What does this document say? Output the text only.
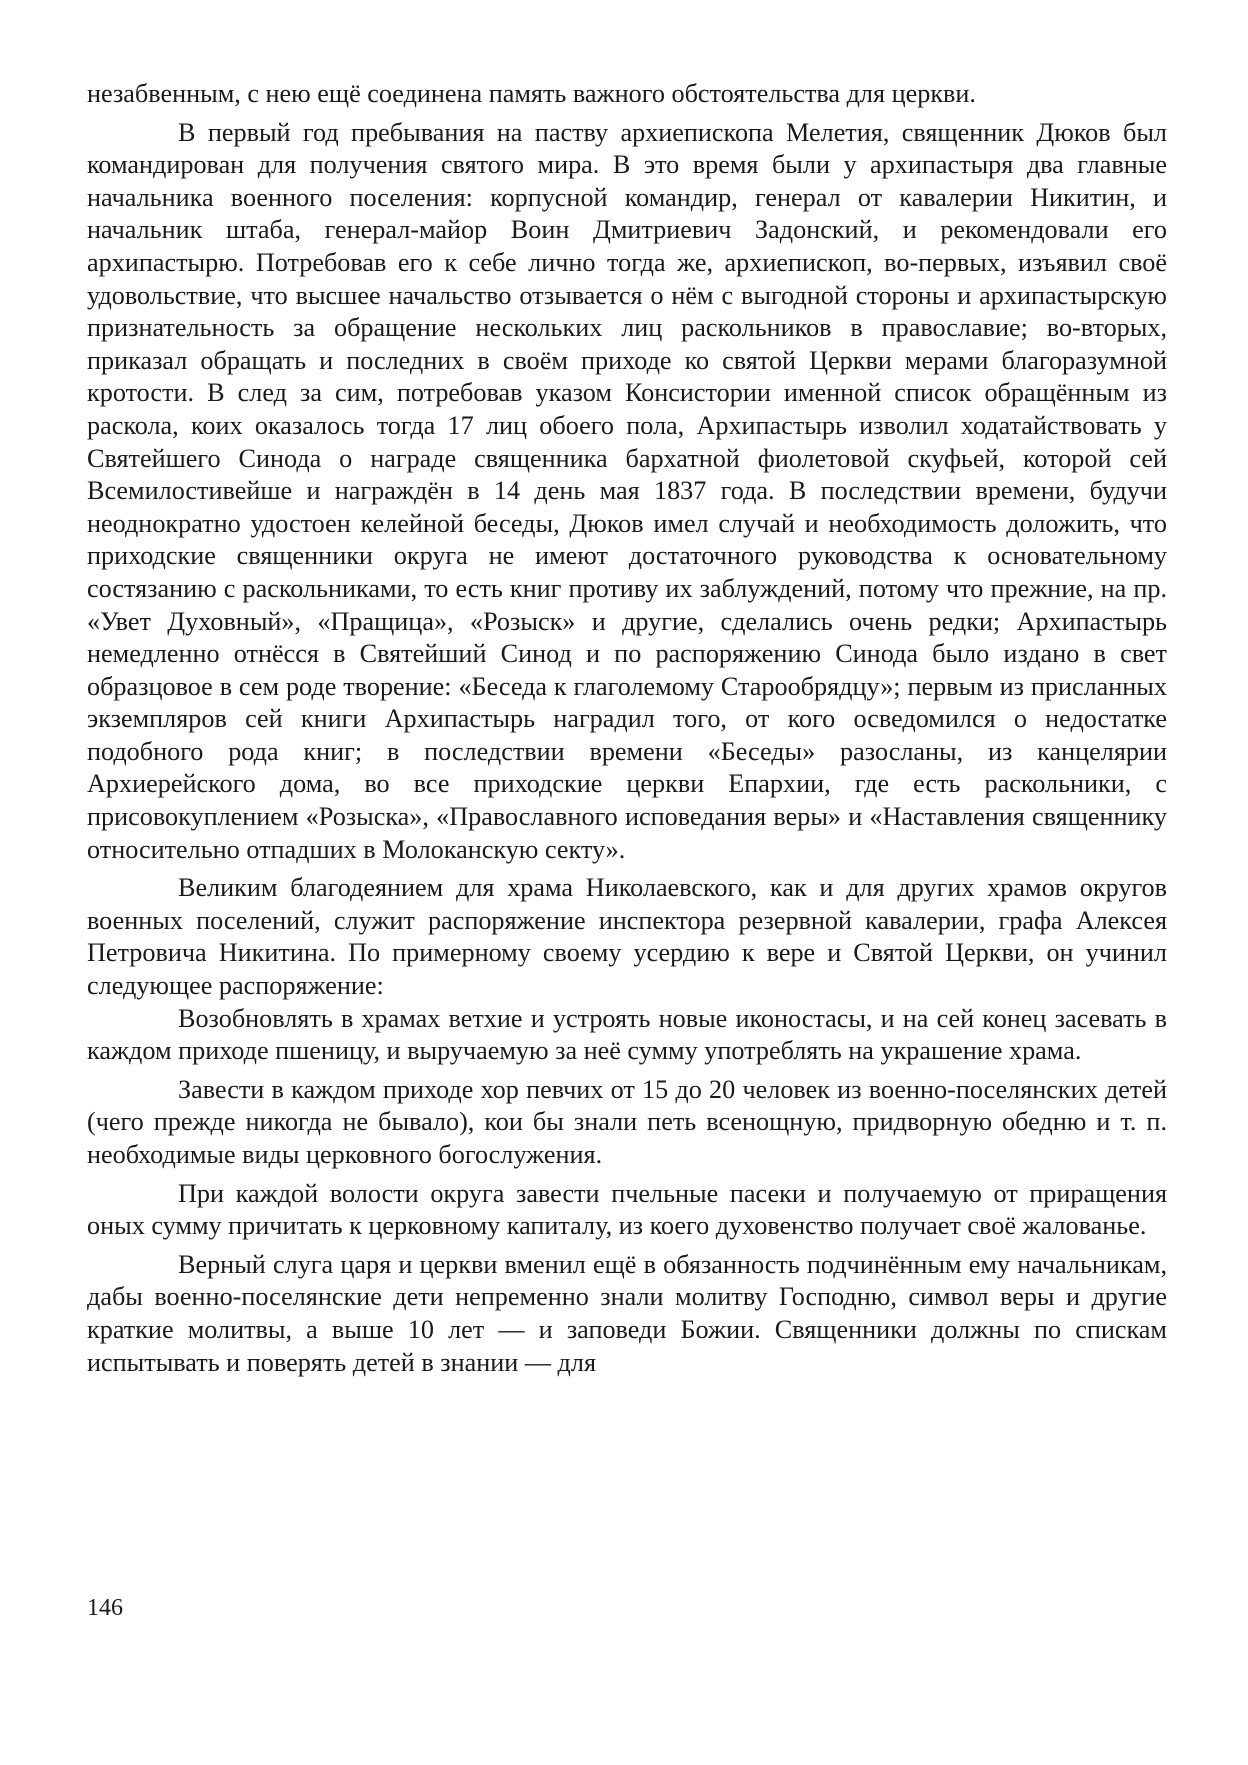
незабвенным, с нею ещё соединена память важного обстоятельства для церкви.

В первый год пребывания на паству архиепископа Мелетия, священник Дюков был командирован для получения святого мира. В это время были у архипастыря два главные начальника военного поселения: корпусной командир, генерал от кавалерии Никитин, и начальник штаба, генерал-майор Воин Дмитриевич Задонский, и рекомендовали его архипастырю. Потребовав его к себе лично тогда же, архиепископ, во-первых, изъявил своё удовольствие, что высшее начальство отзывается о нём с выгодной стороны и архипастырскую признательность за обращение нескольких лиц раскольников в православие; во-вторых, приказал обращать и последних в своём приходе ко святой Церкви мерами благоразумной кротости. В след за сим, потребовав указом Консистории именной список обращённым из раскола, коих оказалось тогда 17 лиц обоего пола, Архипастырь изволил ходатайствовать у Святейшего Синода о награде священника бархатной фиолетовой скуфьей, которой сей Всемилостивейше и награждён в 14 день мая 1837 года. В последствии времени, будучи неоднократно удостоен келейной беседы, Дюков имел случай и необходимость доложить, что приходские священники округа не имеют достаточного руководства к основательному состязанию с раскольниками, то есть книг противу их заблуждений, потому что прежние, на пр. «Увет Духовный», «Пращица», «Розыск» и другие, сделались очень редки; Архипастырь немедленно отнёсся в Святейший Синод и по распоряжению Синода было издано в свет образцовое в сем роде творение: «Беседа к глаголемому Старообрядцу»; первым из присланных экземпляров сей книги Архипастырь наградил того, от кого осведомился о недостатке подобного рода книг; в последствии времени «Беседы» разосланы, из канцелярии Архиерейского дома, во все приходские церкви Епархии, где есть раскольники, с присовокуплением «Розыска», «Православного исповедания веры» и «Наставления священнику относительно отпадших в Молоканскую секту».

Великим благодеянием для храма Николаевского, как и для других храмов округов военных поселений, служит распоряжение инспектора резервной кавалерии, графа Алексея Петровича Никитина. По примерному своему усердию к вере и Святой Церкви, он учинил следующее распоряжение:

Возобновлять в храмах ветхие и устроять новые иконостасы, и на сей конец засевать в каждом приходе пшеницу, и выручаемую за неё сумму употреблять на украшение храма.

Завести в каждом приходе хор певчих от 15 до 20 человек из военно-поселянских детей (чего прежде никогда не бывало), кои бы знали петь всенощную, придворную обедню и т. п. необходимые виды церковного богослужения.

При каждой волости округа завести пчельные пасеки и получаемую от приращения оных сумму причитать к церковному капиталу, из коего духовенство получает своё жалованье.

Верный слуга царя и церкви вменил ещё в обязанность подчинённым ему начальникам, дабы военно-поселянские дети непременно знали молитву Господню, символ веры и другие краткие молитвы, а выше 10 лет — и заповеди Божии. Священники должны по спискам испытывать и поверять детей в знании — для

146
